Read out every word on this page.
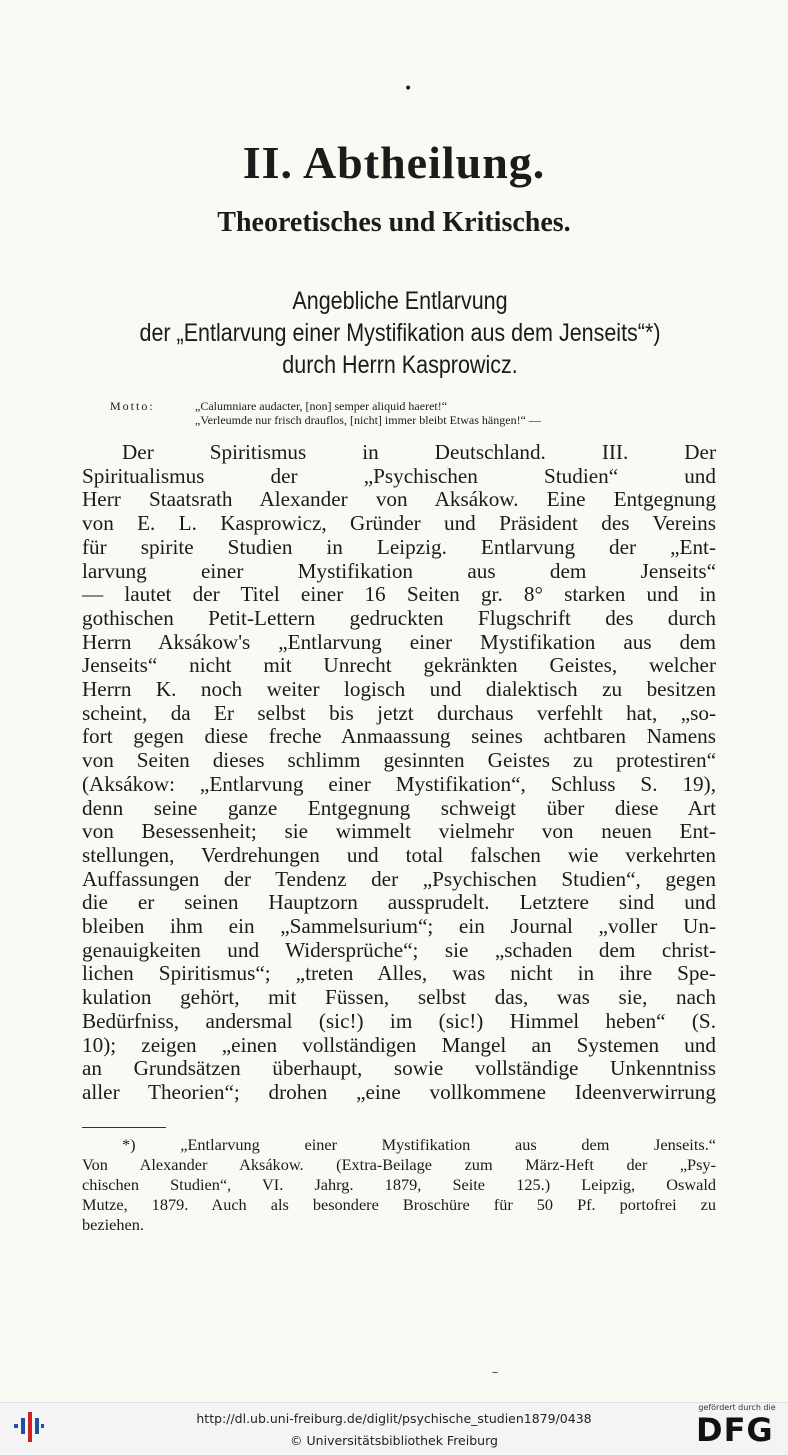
•
II. Abtheilung.
Theoretisches und Kritisches.
Angebliche Entlarvung
der „Entlarvung einer Mystifikation aus dem Jenseits“*)
durch Herrn Kasprowicz.
Motto:	„Calumniare audacter, [non] semper aliquid haeret!“
„Verleumde nur frisch drauflos, [nicht] immer bleibt Etwas hängen!“ —
Der Spiritismus in Deutschland. III. Der
Spiritualismus der „Psychischen Studien“ und
Herr Staatsrath Alexander von Aksákow. Eine Entgegnung
von E. L. Kasprowicz, Gründer und Präsident des Vereins
für spirite Studien in Leipzig. Entlarvung der „Ent-
larvung einer Mystifikation aus dem Jenseits“
— lautet der Titel einer 16 Seiten gr. 8° starken und in
gothischen Petit-Lettern gedruckten Flugschrift des durch
Herrn Aksákow's „Entlarvung einer Mystifikation aus dem
Jenseits“ nicht mit Unrecht gekränkten Geistes, welcher
Herrn K. noch weiter logisch und dialektisch zu besitzen
scheint, da Er selbst bis jetzt durchaus verfehlt hat, „so-
fort gegen diese freche Anmaassung seines achtbaren Namens
von Seiten dieses schlimm gesinnten Geistes zu protestiren“
(Aksákow: „Entlarvung einer Mystifikation“, Schluss S. 19),
denn seine ganze Entgegnung schweigt über diese Art
von Besessenheit; sie wimmelt vielmehr von neuen Ent-
stellungen, Verdrehungen und total falschen wie verkehrten
Auffassungen der Tendenz der „Psychischen Studien“, gegen
die er seinen Hauptzorn aussprudelt. Letztere sind und
bleiben ihm ein „Sammelsurium“; ein Journal „voller Un-
genauigkeiten und Widersprüche“; sie „schaden dem christ-
lichen Spiritismus“; „treten Alles, was nicht in ihre Spe-
kulation gehört, mit Füssen, selbst das, was sie, nach
Bedürfniss, andersmal (sic!) im (sic!) Himmel heben“ (S.
10); zeigen „einen vollständigen Mangel an Systemen und
an Grundsätzen überhaupt, sowie vollständige Unkenntniss
aller Theorien“; drohen „eine vollkommene Ideenverwirrung
*) „Entlarvung einer Mystifikation aus dem Jenseits.“
Von Alexander Aksákow. (Extra-Beilage zum März-Heft der „Psy-
chischen Studien“, VI. Jahrg. 1879, Seite 125.) Leipzig, Oswald
Mutze, 1879. Auch als besondere Broschüre für 50 Pf. portofrei zu
beziehen.
–
http://dl.ub.uni-freiburg.de/diglit/psychische_studien1879/0438
© Universitätsbibliothek Freiburg
gefördert durch die
DFG
